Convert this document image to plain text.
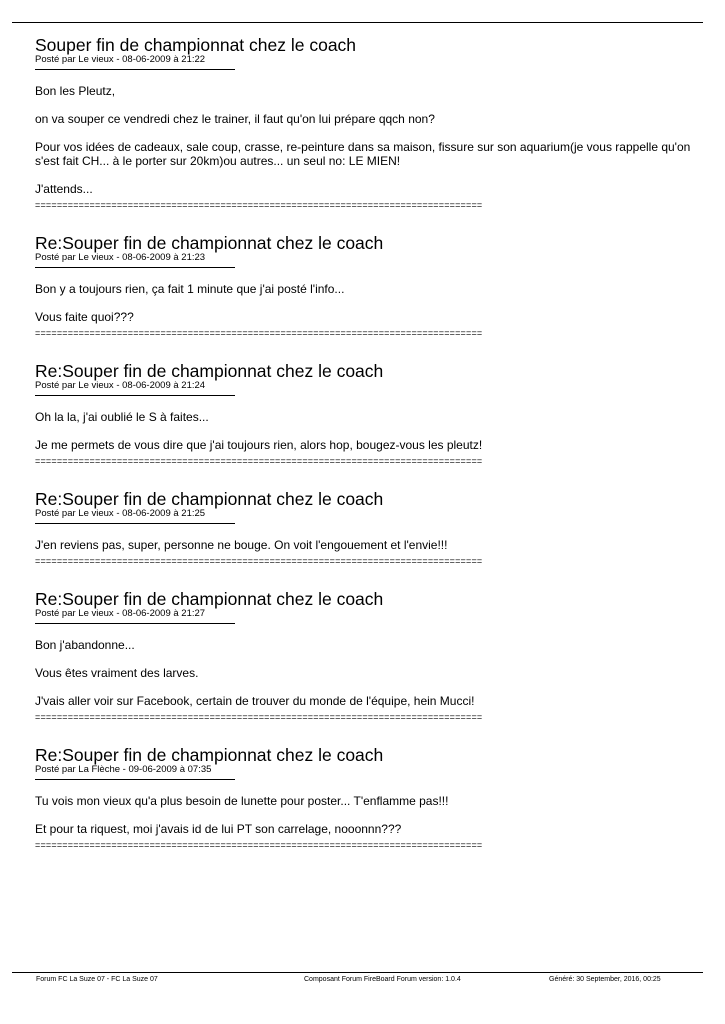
Souper fin de championnat chez le coach
Posté par Le vieux - 08-06-2009 à 21:22

Bon les Pleutz,

on va souper ce vendredi chez le trainer, il faut qu'on lui prépare qqch non?

Pour vos idées de cadeaux, sale coup, crasse, re-peinture dans sa maison, fissure sur son aquarium(je vous rappelle qu'on s'est fait CH... à le porter sur 20km)ou autres... un seul no: LE MIEN!

J'attends...

==================================================================================
Re:Souper fin de championnat chez le coach
Posté par Le vieux - 08-06-2009 à 21:23

Bon y a toujours rien, ça fait 1 minute que j'ai posté l'info...

Vous faite quoi???

==================================================================================
Re:Souper fin de championnat chez le coach
Posté par Le vieux - 08-06-2009 à 21:24

Oh la la, j'ai oublié le S à faites...

Je me permets de vous dire que j'ai toujours rien, alors hop, bougez-vous les pleutz!

==================================================================================
Re:Souper fin de championnat chez le coach
Posté par Le vieux - 08-06-2009 à 21:25

J'en reviens pas, super, personne ne bouge. On voit l'engouement et l'envie!!!

==================================================================================
Re:Souper fin de championnat chez le coach
Posté par Le vieux - 08-06-2009 à 21:27

Bon j'abandonne...

Vous êtes vraiment des larves.

J'vais aller voir sur Facebook, certain de trouver du monde de l'équipe, hein Mucci!

==================================================================================
Re:Souper fin de championnat chez le coach
Posté par La Flèche - 09-06-2009 à 07:35

Tu vois mon vieux qu'a plus besoin de lunette pour poster... T'enflamme pas!!!

Et pour ta riquest, moi j'avais id de lui PT son carrelage, nooonnn???

==================================================================================
Forum FC La Suze 07 - FC La Suze 07	Composant Forum FireBoard Forum version: 1.0.4	Généré: 30 September, 2016, 00:25
